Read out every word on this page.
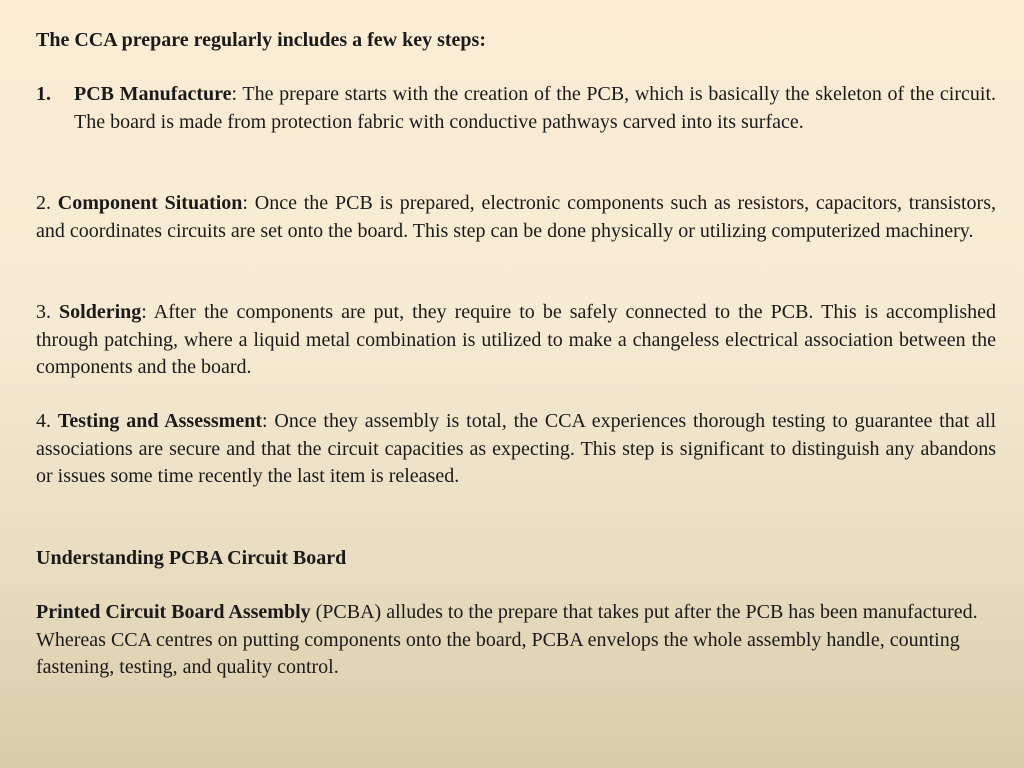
The CCA prepare regularly includes a few key steps:
1. PCB Manufacture: The prepare starts with the creation of the PCB, which is basically the skeleton of the circuit. The board is made from protection fabric with conductive pathways carved into its surface.
2. Component Situation: Once the PCB is prepared, electronic components such as resistors, capacitors, transistors, and coordinates circuits are set onto the board. This step can be done physically or utilizing computerized machinery.
3. Soldering: After the components are put, they require to be safely connected to the PCB. This is accomplished through patching, where a liquid metal combination is utilized to make a changeless electrical association between the components and the board.
4. Testing and Assessment: Once they assembly is total, the CCA experiences thorough testing to guarantee that all associations are secure and that the circuit capacities as expecting. This step is significant to distinguish any abandons or issues some time recently the last item is released.
Understanding PCBA Circuit Board
Printed Circuit Board Assembly (PCBA) alludes to the prepare that takes put after the PCB has been manufactured. Whereas CCA centres on putting components onto the board, PCBA envelops the whole assembly handle, counting fastening, testing, and quality control.
